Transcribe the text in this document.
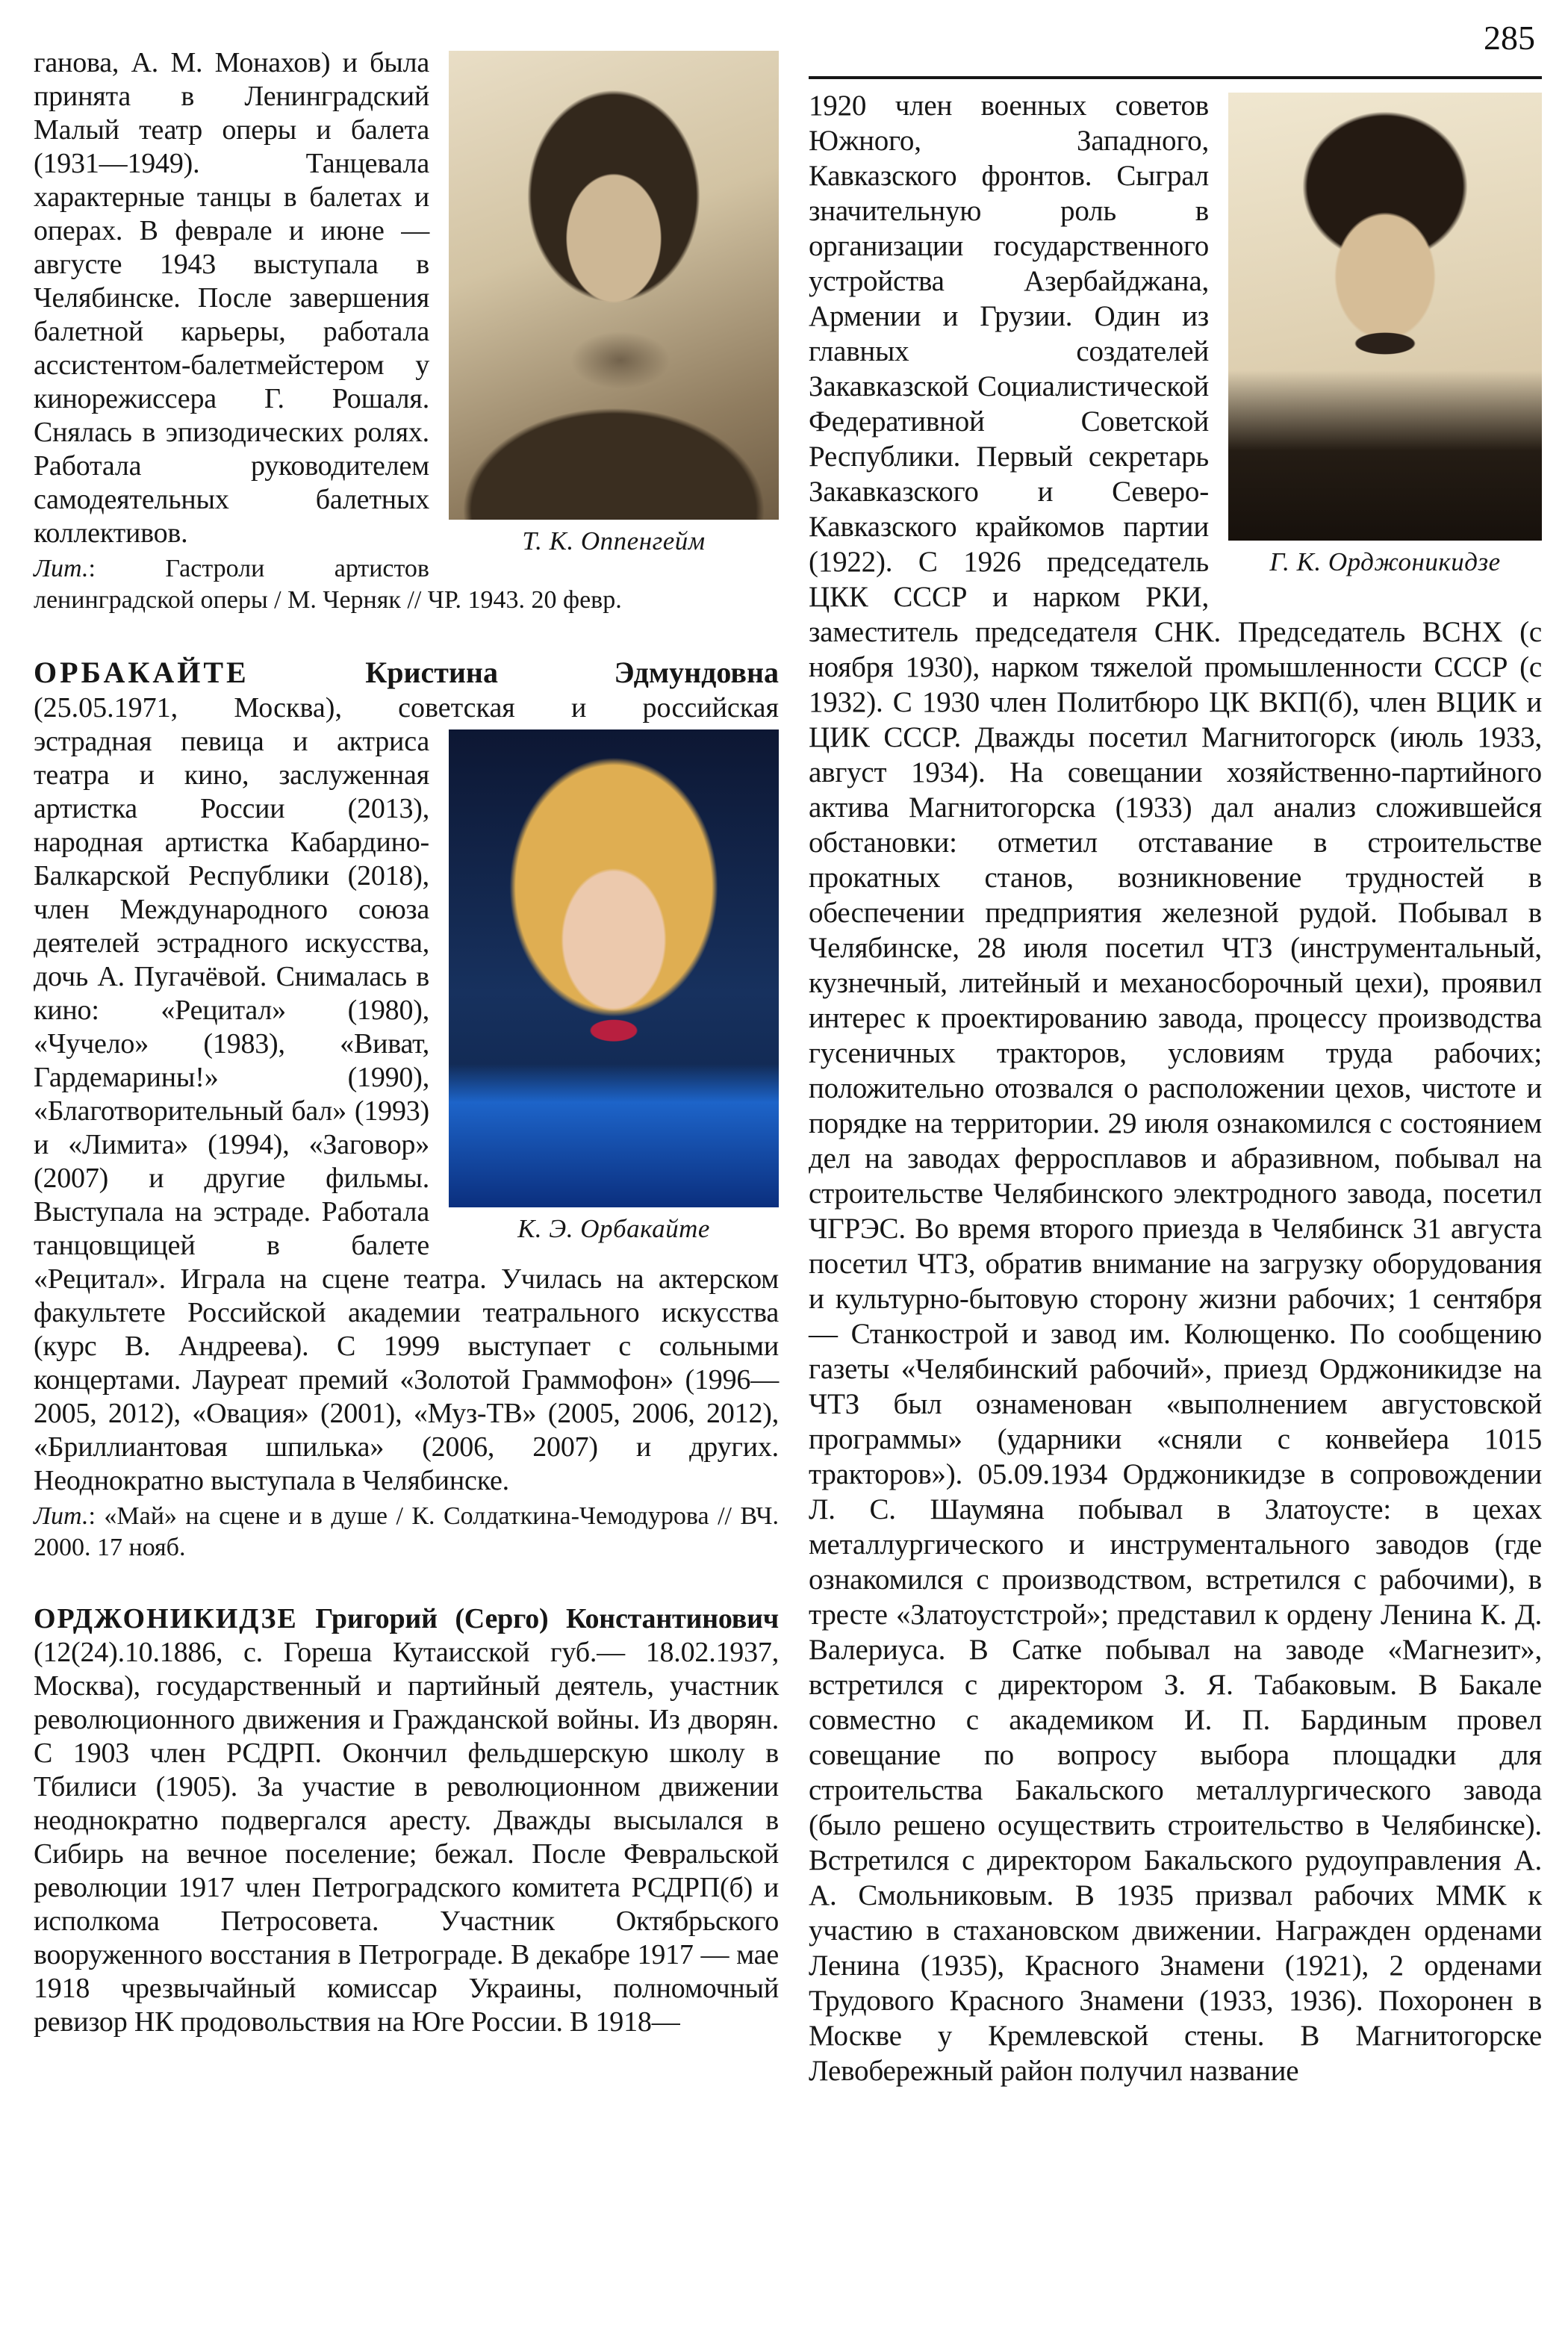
285

Т. К. Оппенгейм
ганова, А. М. Монахов) и была принята в Ленинградский Малый театр оперы и балета (1931—1949). Танцевала характерные танцы в балетах и операх. В феврале и июне — августе 1943 выступала в Челябинске. После завершения балетной карьеры, работала ассистентом-балетмейстером у кинорежиссера Г. Рошаля. Снялась в эпизодических ролях. Работала руководителем самодеятельных балетных коллективов.

Лит.: Гастроли артистов ленинградской оперы / М. Черняк // ЧР. 1943. 20 февр.

ОРБАКАЙТЕ	Кристина Эдмундовна

(25.05.1971, Москва), советская и российская

К. Э. Орбакайте
эстрадная певица и актриса театра и кино, заслуженная артистка России (2013), народная артистка Кабардино-Балкарской Республики (2018), член Международного союза деятелей эстрадного искусства, дочь А. Пугачёвой. Снималась в кино: «Рецитал» (1980), «Чучело» (1983), «Виват, Гардемарины!» (1990), «Благотворительный бал» (1993) и «Лимита» (1994), «Заговор» (2007) и другие фильмы. Выступала на эстраде. Работала танцовщицей в балете «Рецитал». Играла на сцене театра. Училась на актерском факультете Российской академии театрального искусства (курс В. Андреева). С 1999 выступает с сольными концертами. Лауреат премий «Золотой Граммофон» (1996—2005, 2012), «Овация» (2001), «Муз-ТВ» (2005, 2006, 2012), «Бриллиантовая шпилька» (2006, 2007) и других. Неоднократно выступала в Челябинске.

Лит.: «Май» на сцене и в душе / К. Солдаткина-Чемодурова // ВЧ. 2000. 17 нояб.

ОРДЖОНИКИДЗЕ Григорий (Серго) Константинович (12(24).10.1886, с. Гореша Кутаисской губ.— 18.02.1937, Москва), государственный и партийный деятель, участник революционного движения и Гражданской войны. Из дворян. С 1903 член РСДРП. Окончил фельдшерскую школу в Тбилиси (1905). За участие в революционном движении неоднократно подвергался аресту. Дважды высылался в Сибирь на вечное поселение; бежал. После Февральской революции 1917 член Петроградского комитета РСДРП(б) и исполкома Петросовета. Участник Октябрьского вооруженного восстания в Петрограде. В декабре 1917 — мае 1918 чрезвычайный комиссар Украины, полномочный ревизор НК продовольствия на Юге России. В 1918—

Г. К. Орджоникидзе
1920 член военных советов Южного, Западного, Кавказского фронтов. Сыграл значительную роль в организации государственного устройства Азербайджана, Армении и Грузии. Один из главных создателей Закавказской Социалистической Федеративной Советской Республики. Первый секретарь Закавказского и Северо-Кавказского крайкомов партии (1922). С 1926 председатель ЦКК СССР и нарком РКИ, заместитель председателя СНК. Председатель ВСНХ (с ноября 1930), нарком тяжелой промышленности СССР (с 1932). С 1930 член Политбюро ЦК ВКП(б), член ВЦИК и ЦИК СССР. Дважды посетил Магнитогорск (июль 1933, август 1934). На совещании хозяйственно-партийного актива Магнитогорска (1933) дал анализ сложившейся обстановки: отметил отставание в строительстве прокатных станов, возникновение трудностей в обеспечении предприятия железной рудой. Побывал в Челябинске, 28 июля посетил ЧТЗ (инструментальный, кузнечный, литейный и механосборочный цехи), проявил интерес к проектированию завода, процессу производства гусеничных тракторов, условиям труда рабочих; положительно отозвался о расположении цехов, чистоте и порядке на территории. 29 июля ознакомился с состоянием дел на заводах ферросплавов и абразивном, побывал на строительстве Челябинского электродного завода, посетил ЧГРЭС. Во время второго приезда в Челябинск 31 августа посетил ЧТЗ, обратив внимание на загрузку оборудования и культурно-бытовую сторону жизни рабочих; 1 сентября — Станкострой и завод им. Колющенко. По сообщению газеты «Челябинский рабочий», приезд Орджоникидзе на ЧТЗ был ознаменован «выполнением августовской программы» (ударники «сняли с конвейера 1015 тракторов»). 05.09.1934 Орджоникидзе в сопровождении Л. С. Шаумяна побывал в Златоусте: в цехах металлургического и инструментального заводов (где ознакомился с производством, встретился с рабочими), в тресте «Златоустстрой»; представил к ордену Ленина К. Д. Валериуса. В Сатке побывал на заводе «Магнезит», встретился с директором З. Я. Табаковым. В Бакале совместно с академиком И. П. Бардиным провел совещание по вопросу выбора площадки для строительства Бакальского металлургического завода (было решено осуществить строительство в Челябинске). Встретился с директором Бакальского рудоуправления А. А. Смольниковым. В 1935 призвал рабочих ММК к участию в стахановском движении. Награжден орденами Ленина (1935), Красного Знамени (1921), 2 орденами Трудового Красного Знамени (1933, 1936). Похоронен в Москве у Кремлевской стены. В Магнитогорске Левобережный район получил название
